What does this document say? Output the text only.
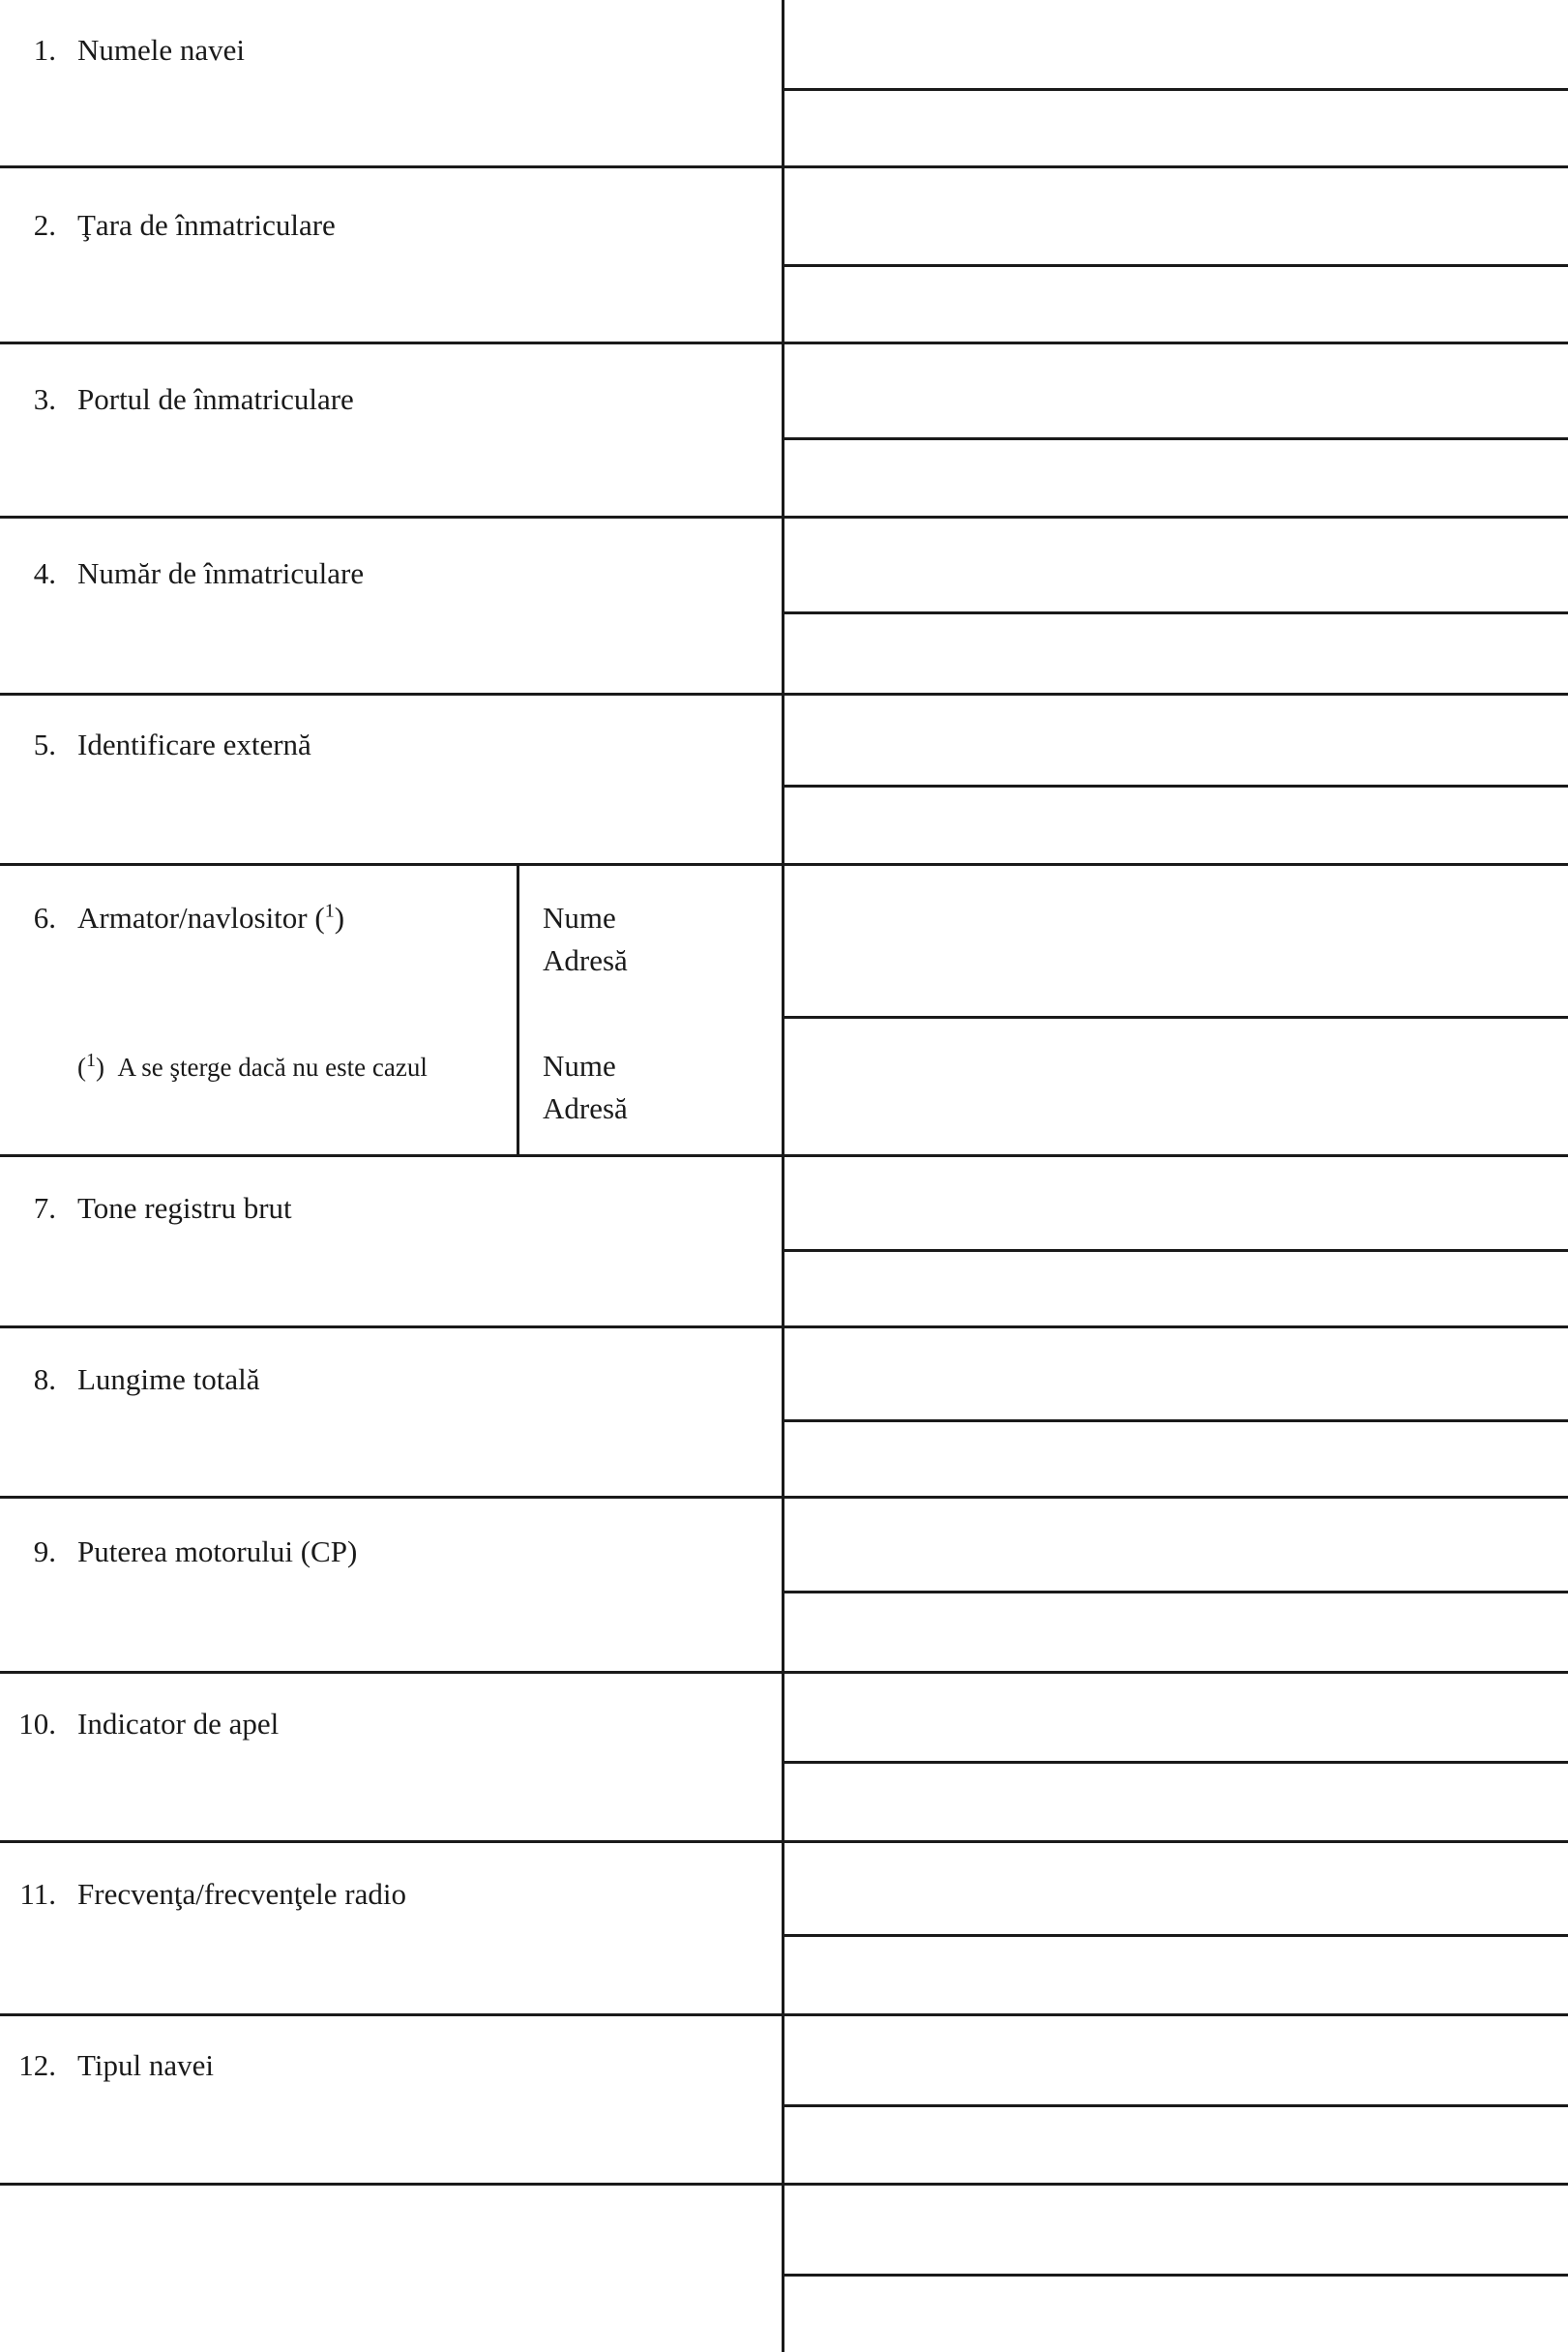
1. Numele navei
2. Ţara de înmatriculare
3. Portul de înmatriculare
4. Număr de înmatriculare
5. Identificare externă
6. Armator/navlositor ($^1$)
($^1$)  A se şterge dacă nu este cazul
Nume
Adresă
Nume
Adresă
7. Tone registru brut
8. Lungime totală
9. Puterea motorului (CP)
10. Indicator de apel
11. Frecvenţa/frecvenţele radio
12. Tipul navei
